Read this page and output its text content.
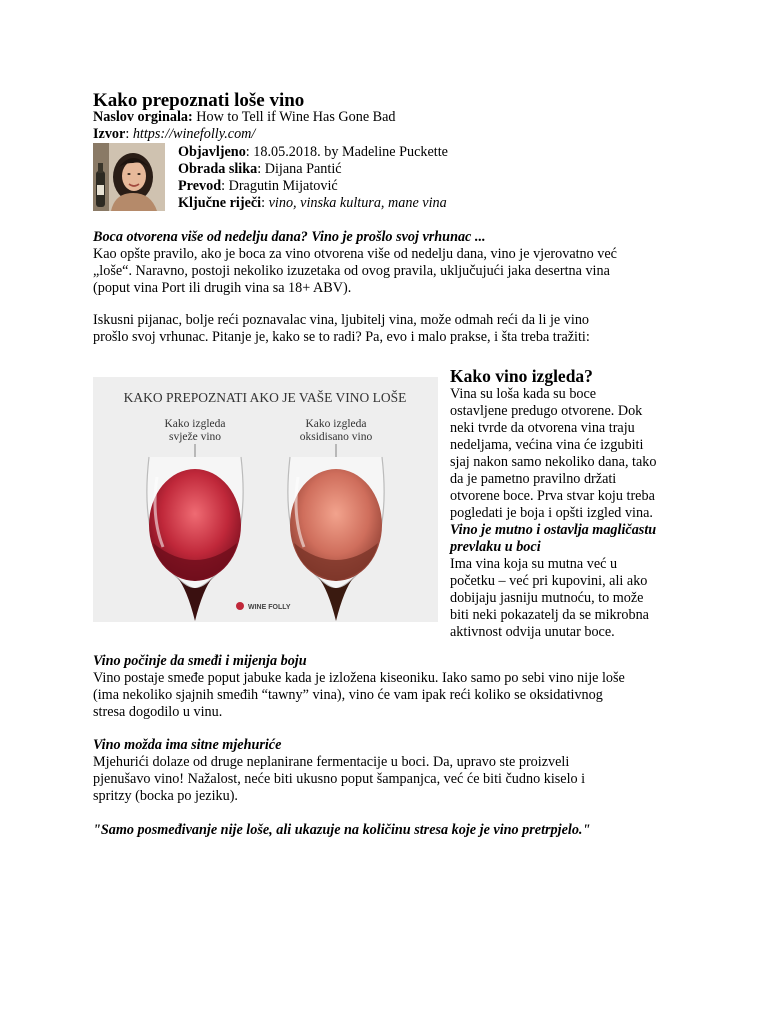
Kako prepoznati loše vino
Naslov orginala: How to Tell if Wine Has Gone Bad
Izvor: https://winefolly.com/
Objavljeno: 18.05.2018. by Madeline Puckette
Obrada slika: Dijana Pantić
Prevod: Dragutin Mijatović
Ključne riječi: vino, vinska kultura, mane vina

Boca otvorena više od nedelju dana? Vino je prošlo svoj vrhunac ...

Kao opšte pravilo, ako je boca za vino otvorena više od nedelju dana, vino je vjerovatno već

„loše“. Naravno, postoji nekoliko izuzetaka od ovog pravila, uključujući jaka desertna vina

(poput vina Port ili drugih vina sa 18+ ABV).

Iskusni pijanac, bolje reći poznavalac vina, ljubitelj vina, može odmah reći da li je vino

prošlo svoj vrhunac. Pitanje je, kako se to radi? Pa, evo i malo prakse, i šta treba tražiti:

KAKO PREPOZNATI AKO JE VAŠE VINO LOŠE
Kako izgleda
svježe vino
Kako izgleda
oksidisano vino
WINE FOLLY
Kako vino izgleda?
Vina su loša kada su boce
ostavljene predugo otvorene. Dok
neki tvrde da otvorena vina traju
nedeljama, većina vina će izgubiti
sjaj nakon samo nekoliko dana, tako
da je pametno pravilno držati
otvorene boce. Prva stvar koju treba
pogledati je boja i opšti izgled vina.
Vino je mutno i ostavlja magličastu
prevlaku u boci
Ima vina koja su mutna već u
početku – već pri kupovini, ali ako
dobijaju jasniju mutnoću, to može
biti neki pokazatelj da se mikrobna
aktivnost odvija unutar boce.

Vino počinje da smeđi i mijenja boju

Vino postaje smeđe poput jabuke kada je izložena kiseoniku. Iako samo po sebi vino nije loše

(ima nekoliko sjajnih smeđih “tawny” vina), vino će vam ipak reći koliko se oksidativnog

stresa dogodilo u vinu.

Vino možda ima sitne mjehuriće

Mjehurići dolaze od druge neplanirane fermentacije u boci. Da, upravo ste proizveli

pjenušavo vino! Nažalost, neće biti ukusno poput šampanjca, već će biti čudno kiselo i

spritzy (bocka po jeziku).

"Samo posmeđivanje nije loše, ali ukazuje na količinu stresa koje je vino pretrpjelo."
